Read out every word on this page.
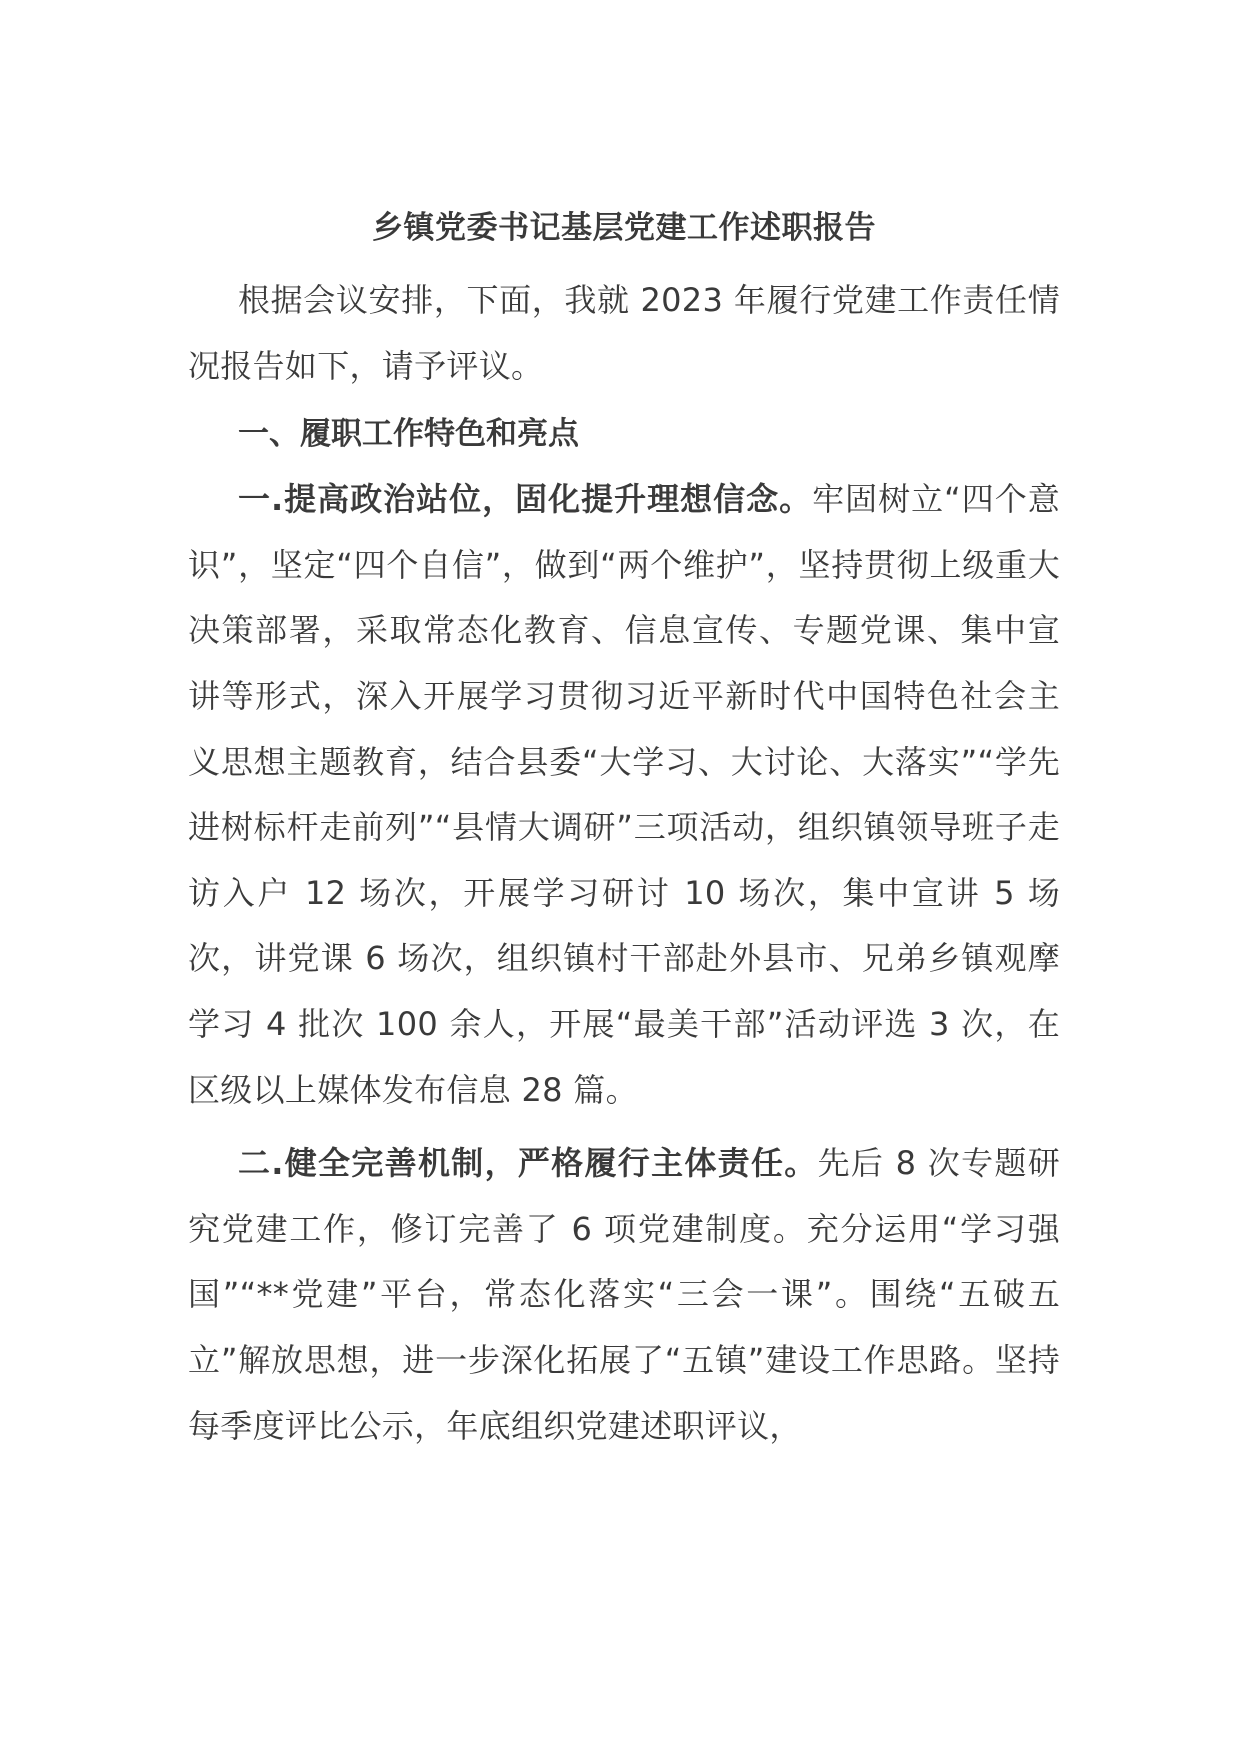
乡镇党委书记基层党建工作述职报告

根据会议安排，下面，我就 2023 年履行党建工作责任情况报告如下，请予评议。

一、履职工作特色和亮点

一.提高政治站位，固化提升理想信念。牢固树立“四个意识”，坚定“四个自信”，做到“两个维护”，坚持贯彻上级重大决策部署，采取常态化教育、信息宣传、专题党课、集中宣讲等形式，深入开展学习贯彻习近平新时代中国特色社会主义思想主题教育，结合县委“大学习、大讨论、大落实”“学先进树标杆走前列”“县情大调研”三项活动，组织镇领导班子走访入户 12 场次，开展学习研讨 10 场次，集中宣讲 5 场次，讲党课 6 场次，组织镇村干部赴外县市、兄弟乡镇观摩学习 4 批次 100 余人，开展“最美干部”活动评选 3 次，在区级以上媒体发布信息 28 篇。

二.健全完善机制，严格履行主体责任。先后 8 次专题研究党建工作，修订完善了 6 项党建制度。充分运用“学习强国”“**党建”平台，常态化落实“三会一课”。围绕“五破五立”解放思想，进一步深化拓展了“五镇”建设工作思路。坚持每季度评比公示，年底组织党建述职评议，
